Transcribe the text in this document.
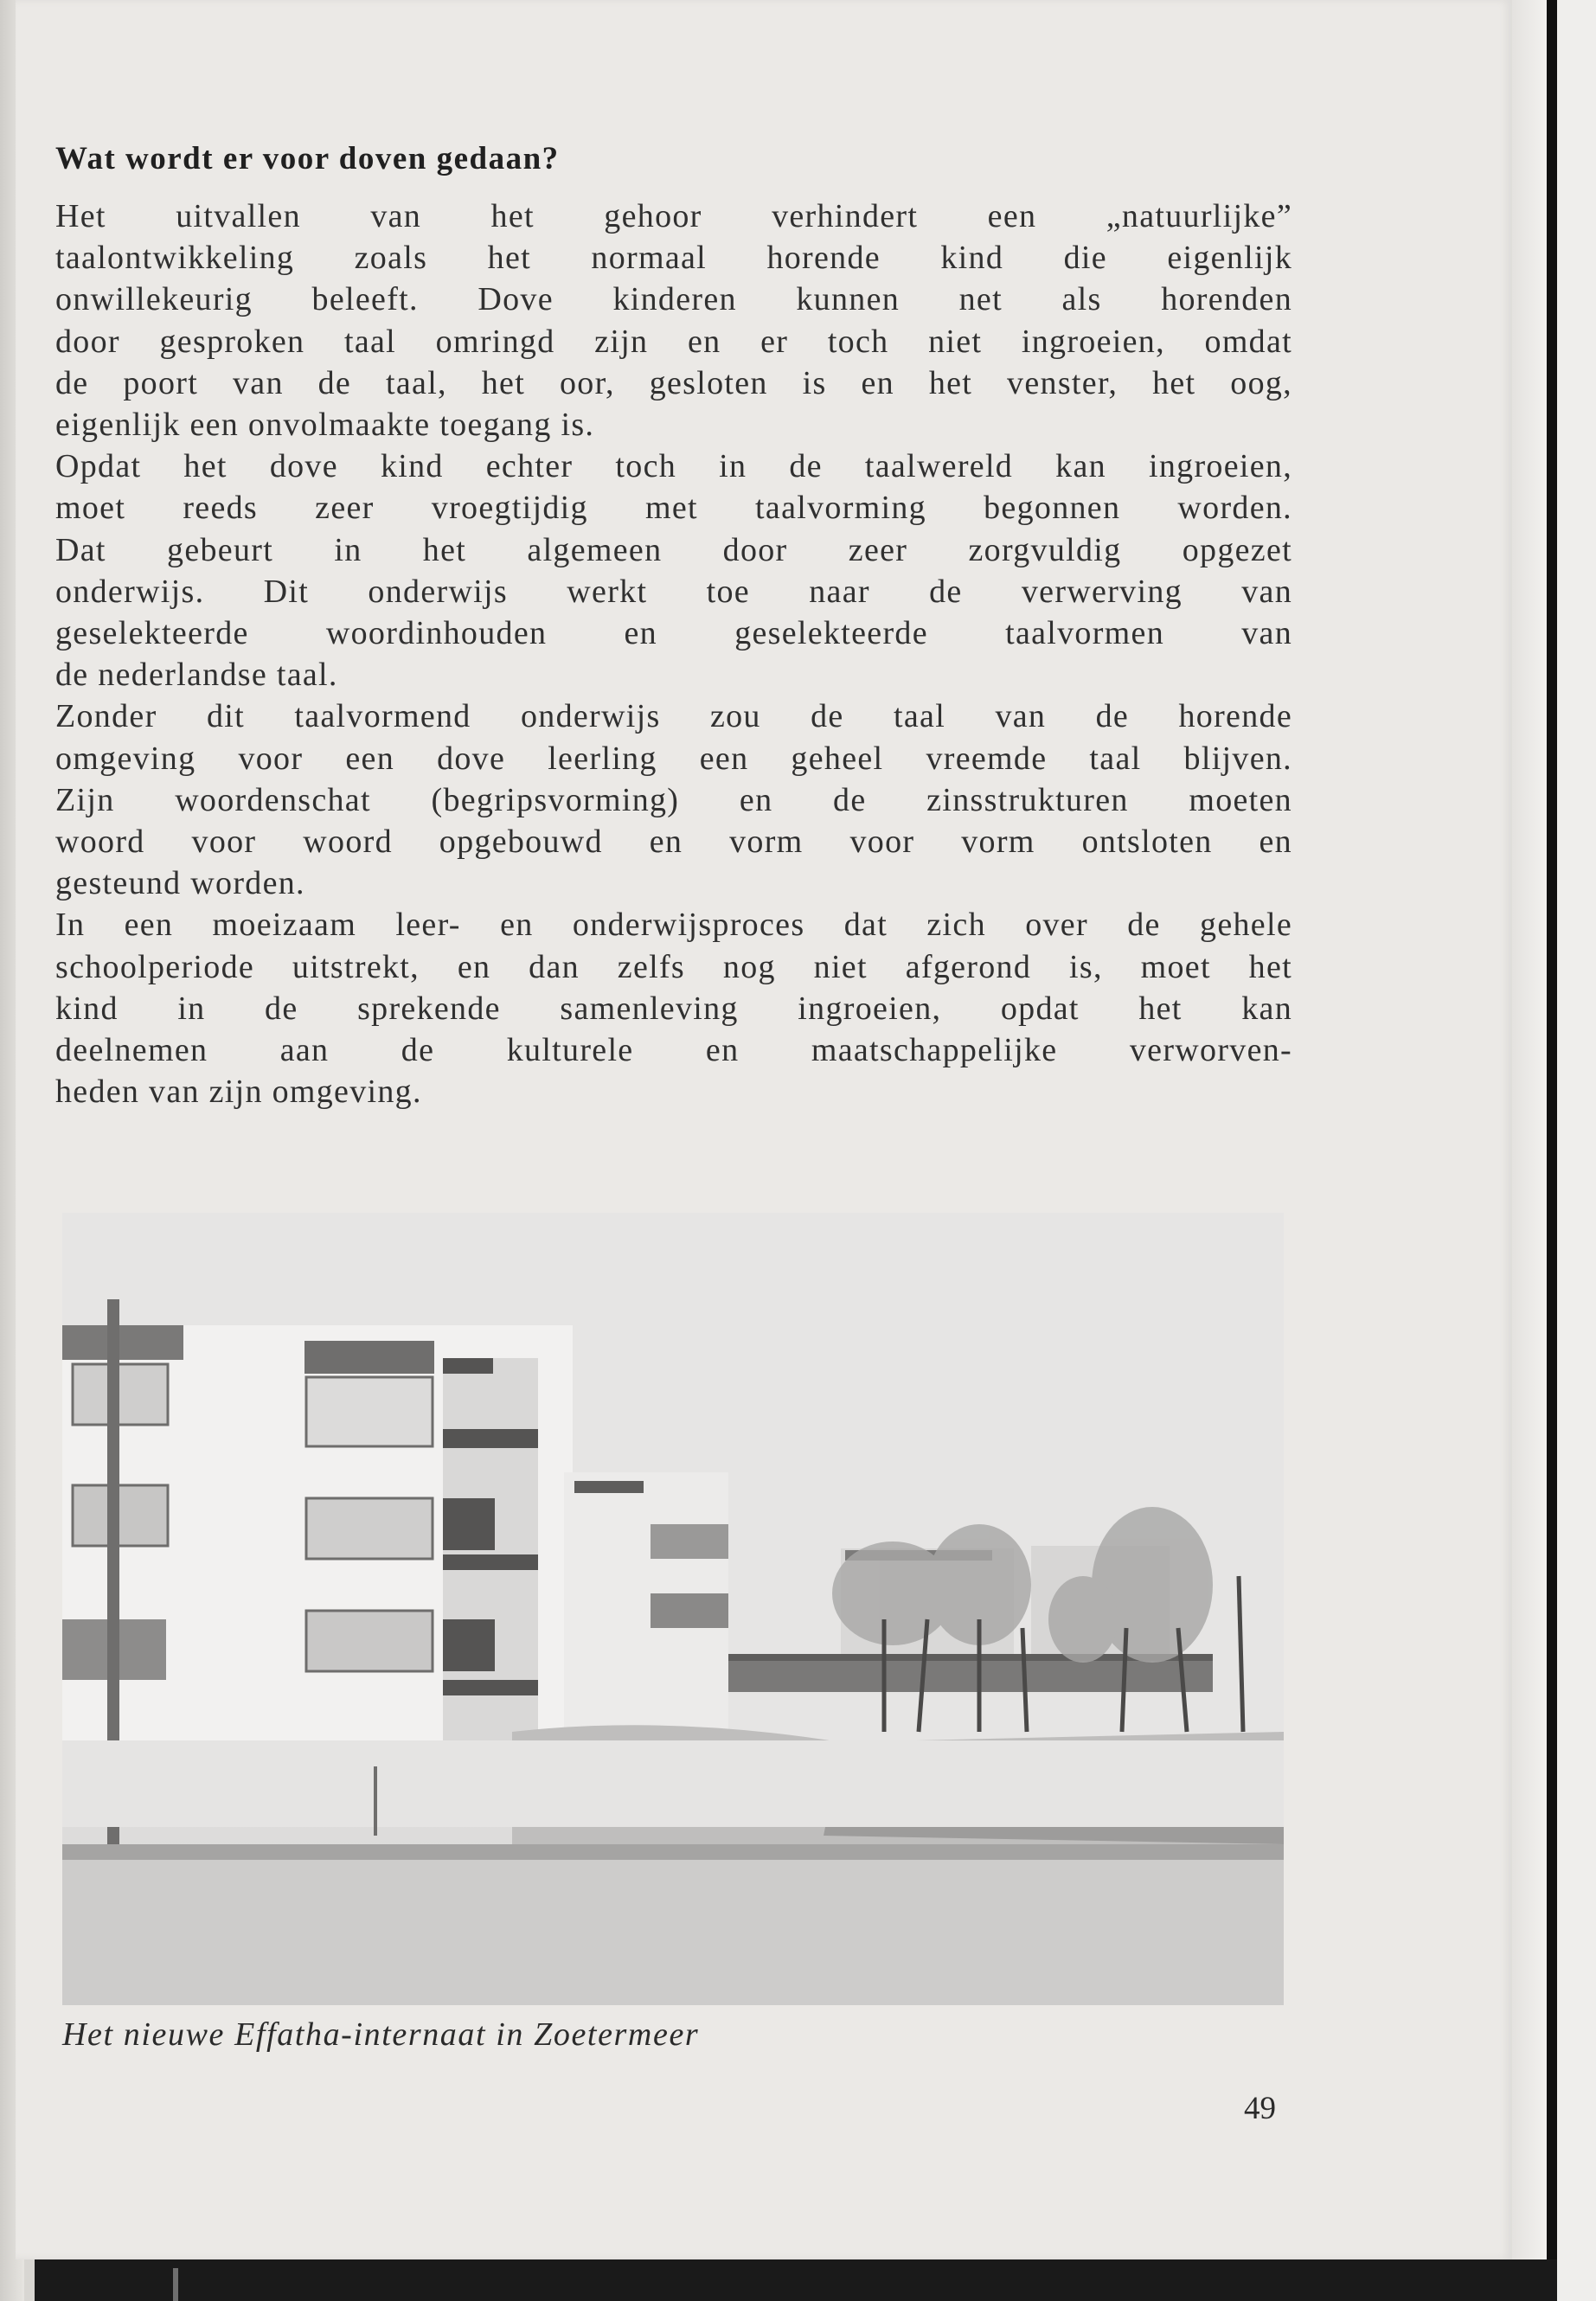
Wat wordt er voor doven gedaan?
Het uitvallen van het gehoor verhindert een „natuurlijke”
taalontwikkeling zoals het normaal horende kind die eigenlijk
onwillekeurig beleeft. Dove kinderen kunnen net als horenden
door gesproken taal omringd zijn en er toch niet ingroeien, omdat
de poort van de taal, het oor, gesloten is en het venster, het oog,
eigenlijk een onvolmaakte toegang is.
Opdat het dove kind echter toch in de taalwereld kan ingroeien,
moet reeds zeer vroegtijdig met taalvorming begonnen worden.
Dat gebeurt in het algemeen door zeer zorgvuldig opgezet
onderwijs. Dit onderwijs werkt toe naar de verwerving van
geselekteerde woordinhouden en geselekteerde taalvormen van
de nederlandse taal.
Zonder dit taalvormend onderwijs zou de taal van de horende
omgeving voor een dove leerling een geheel vreemde taal blijven.
Zijn woordenschat (begripsvorming) en de zinsstrukturen moeten
woord voor woord opgebouwd en vorm voor vorm ontsloten en
gesteund worden.
In een moeizaam leer- en onderwijsproces dat zich over de gehele
schoolperiode uitstrekt, en dan zelfs nog niet afgerond is, moet het
kind in de sprekende samenleving ingroeien, opdat het kan
deelnemen aan de kulturele en maatschappelijke verworven-
heden van zijn omgeving.
Het nieuwe Effatha-internaat in Zoetermeer
49
